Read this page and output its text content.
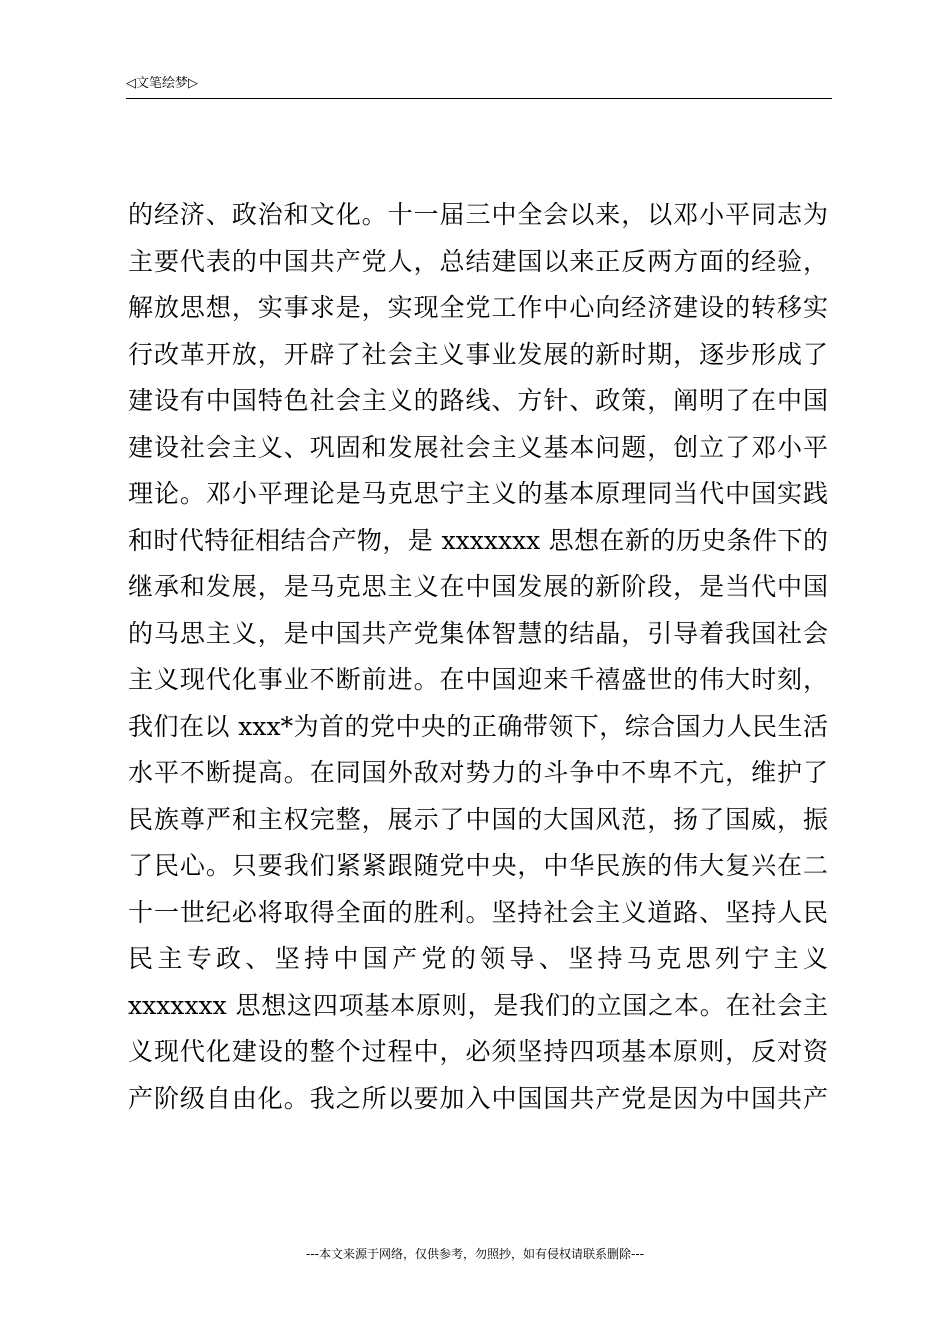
◁文笔绘梦▷
的经济、政治和文化。十一届三中全会以来，以邓小平同志为
主要代表的中国共产党人，总结建国以来正反两方面的经验，
解放思想，实事求是，实现全党工作中心向经济建设的转移实
行改革开放，开辟了社会主义事业发展的新时期，逐步形成了
建设有中国特色社会主义的路线、方针、政策，阐明了在中国
建设社会主义、巩固和发展社会主义基本问题，创立了邓小平
理论。邓小平理论是马克思宁主义的基本原理同当代中国实践
和时代特征相结合产物，是 xxxxxxx 思想在新的历史条件下的
继承和发展，是马克思主义在中国发展的新阶段，是当代中国
的马思主义，是中国共产党集体智慧的结晶，引导着我国社会
主义现代化事业不断前进。在中国迎来千禧盛世的伟大时刻，
我们在以 xxx*为首的党中央的正确带领下，综合国力人民生活
水平不断提高。在同国外敌对势力的斗争中不卑不亢，维护了
民族尊严和主权完整，展示了中国的大国风范，扬了国威，振
了民心。只要我们紧紧跟随党中央，中华民族的伟大复兴在二
十一世纪必将取得全面的胜利。坚持社会主义道路、坚持人民
民主专政、坚持中国产党的领导、坚持马克思列宁主义
xxxxxxx 思想这四项基本原则，是我们的立国之本。在社会主
义现代化建设的整个过程中，必须坚持四项基本原则，反对资
产阶级自由化。我之所以要加入中国国共产党是因为中国共产
---本文来源于网络，仅供参考，勿照抄，如有侵权请联系删除---
